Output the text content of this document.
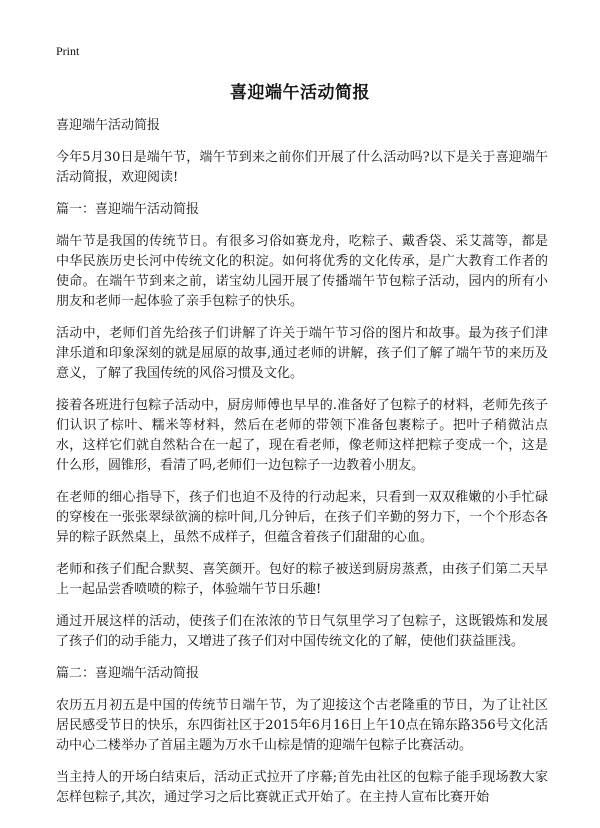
Print
喜迎端午活动简报

喜迎端午活动简报

今年5月30日是端午节，端午节到来之前你们开展了什么活动吗?以下是关于喜迎端午活动简报，欢迎阅读!

篇一：喜迎端午活动简报

端午节是我国的传统节日。有很多习俗如赛龙舟，吃粽子、戴香袋、采艾蒿等，都是中华民族历史长河中传统文化的积淀。如何将优秀的文化传承，是广大教育工作者的使命。在端午节到来之前，诺宝幼儿园开展了传播端午节包粽子活动，园内的所有小朋友和老师一起体验了亲手包粽子的快乐。

活动中，老师们首先给孩子们讲解了许关于端午节习俗的图片和故事。最为孩子们津津乐道和印象深刻的就是屈原的故事,通过老师的讲解，孩子们了解了端午节的来历及意义，了解了我国传统的风俗习惯及文化。

接着各班进行包粽子活动中，厨房师傅也早早的.准备好了包粽子的材料，老师先孩子们认识了棕叶、糯米等材料，然后在老师的带领下准备包裹粽子。把叶子稍微沾点水，这样它们就自然粘合在一起了，现在看老师，像老师这样把粽子变成一个，这是什么形，圆锥形，看清了吗,老师们一边包粽子一边教着小朋友。

在老师的细心指导下，孩子们也迫不及待的行动起来，只看到一双双稚嫩的小手忙碌的穿梭在一张张翠绿欲滴的棕叶间,几分钟后，在孩子们辛勤的努力下，一个个形态各异的粽子跃然桌上，虽然不成样子，但蕴含着孩子们甜甜的心血。

老师和孩子们配合默契、喜笑颜开。包好的粽子被送到厨房蒸煮，由孩子们第二天早上一起品尝香喷喷的粽子，体验端午节日乐趣!

通过开展这样的活动，使孩子们在浓浓的节日气氛里学习了包粽子，这既锻炼和发展了孩子们的动手能力，又增进了孩子们对中国传统文化的了解，使他们获益匪浅。

篇二：喜迎端午活动简报

农历五月初五是中国的传统节日端午节，为了迎接这个古老隆重的节日，为了让社区居民感受节日的快乐，东四街社区于2015年6月16日上午10点在锦东路356号文化活动中心二楼举办了首届主题为万水千山棕是情的迎端午包粽子比赛活动。

当主持人的开场白结束后，活动正式拉开了序幕;首先由社区的包粽子能手现场教大家怎样包粽子,其次，通过学习之后比赛就正式开始了。在主持人宣布比赛开始
